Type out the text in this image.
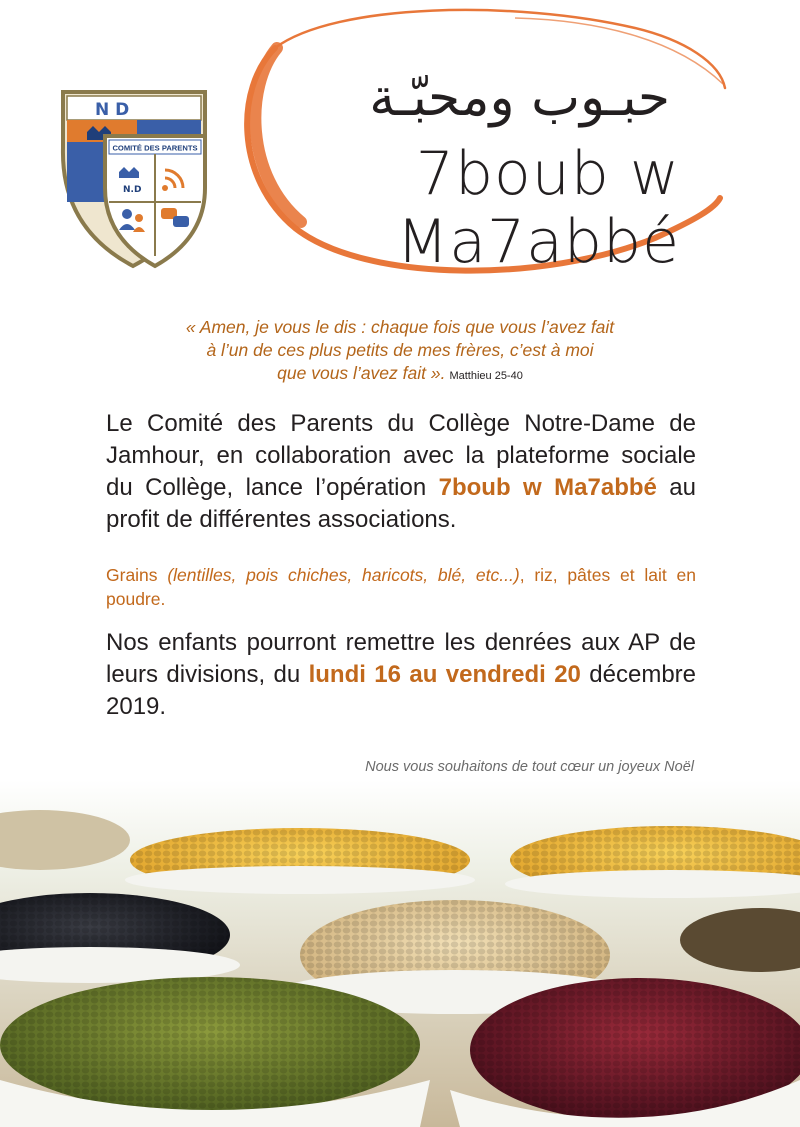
N D
COMITÉ DES PARENTS
N.D
حبـوب ومحبّـة
7boub w Ma7abbé
« Amen, je vous le dis : chaque fois que vous l’avez fait
à l’un de ces plus petits de mes frères, c’est à moi
que vous l’avez fait ». Matthieu 25-40
Le Comité des Parents du Collège Notre-Dame de Jamhour, en collaboration avec la plateforme sociale du Collège, lance l’opération 7boub w Ma7abbé au profit de différentes associations.
Grains (lentilles, pois chiches, haricots, blé, etc...), riz, pâtes et lait en poudre.
Nos enfants pourront remettre les denrées aux AP de leurs divisions, du lundi 16 au vendredi 20 décembre 2019.
Nous vous souhaitons de tout cœur un joyeux Noël
